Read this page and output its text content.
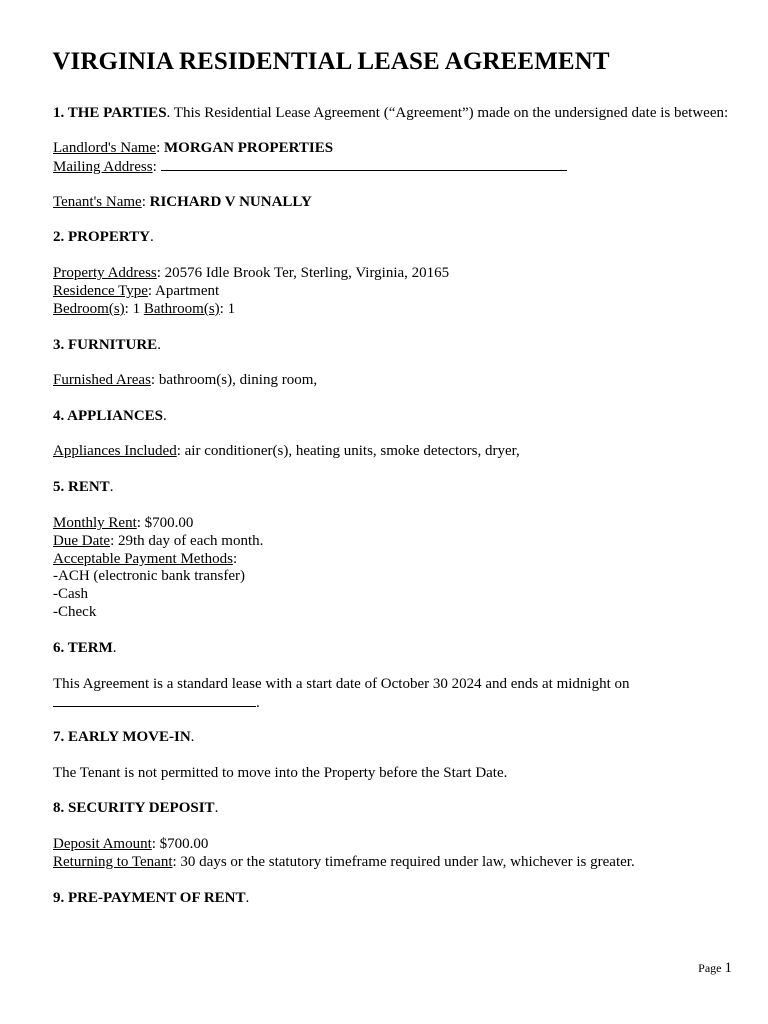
VIRGINIA RESIDENTIAL LEASE AGREEMENT
1. THE PARTIES. This Residential Lease Agreement (“Agreement”) made on the undersigned date is between:
Landlord's Name: MORGAN PROPERTIES
Mailing Address:
Tenant's Name: RICHARD V NUNALLY
2. PROPERTY.
Property Address: 20576 Idle Brook Ter, Sterling, Virginia, 20165
Residence Type: Apartment
Bedroom(s): 1 Bathroom(s): 1
3. FURNITURE.
Furnished Areas: bathroom(s), dining room,
4. APPLIANCES.
Appliances Included: air conditioner(s), heating units, smoke detectors, dryer,
5. RENT.
Monthly Rent: $700.00
Due Date: 29th day of each month.
Acceptable Payment Methods:
-ACH (electronic bank transfer)
-Cash
-Check
6. TERM.
This Agreement is a standard lease with a start date of October 30 2024 and ends at midnight on
.
7. EARLY MOVE-IN.
The Tenant is not permitted to move into the Property before the Start Date.
8. SECURITY DEPOSIT.
Deposit Amount: $700.00
Returning to Tenant: 30 days or the statutory timeframe required under law, whichever is greater.
9. PRE-PAYMENT OF RENT.
Page 1
